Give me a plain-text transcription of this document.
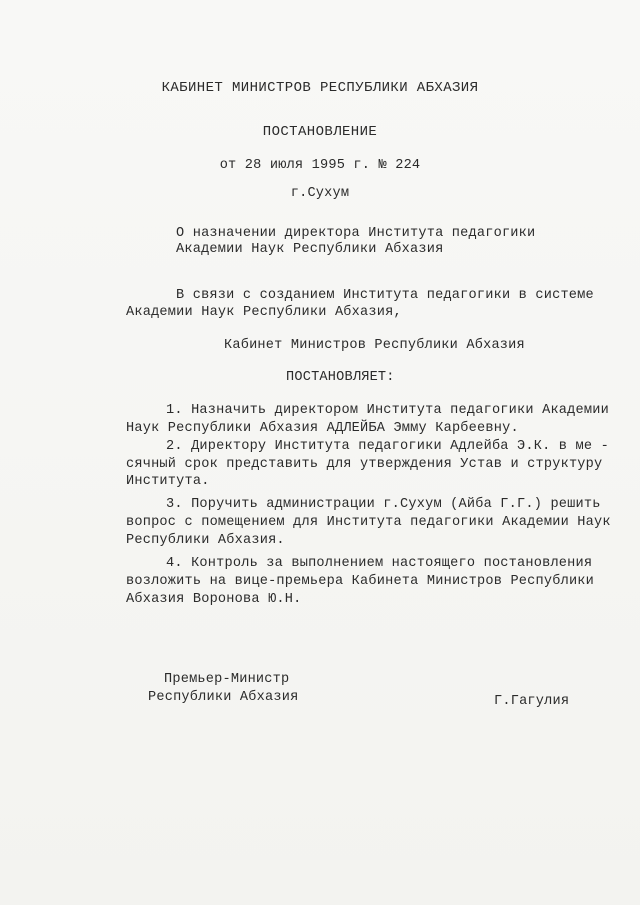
КАБИНЕТ МИНИСТРОВ РЕСПУБЛИКИ АБХАЗИЯ
ПОСТАНОВЛЕНИЕ
от 28 июля 1995 г. № 224
г.Сухум
О назначении директора Института педагогики
Академии Наук Республики Абхазия
В связи с созданием Института педагогики в системе
Академии Наук Республики Абхазия,
Кабинет Министров Республики Абхазия
ПОСТАНОВЛЯЕТ:
1. Назначить директором Института педагогики Академии
Наук Республики Абхазия АДЛЕЙБА Эмму Карбеевну.
2. Директору Института педагогики Адлейба Э.К. в ме -
сячный срок представить для утверждения Устав и структуру
Института.
3. Поручить администрации г.Сухум (Айба Г.Г.) решить
вопрос с помещением для Института педагогики Академии Наук
Республики Абхазия.
4. Контроль за выполнением настоящего постановления
возложить на вице-премьера Кабинета Министров Республики
Абхазия Воронова Ю.Н.
Премьер-Министр
Республики Абхазия	Г.Гагулия
